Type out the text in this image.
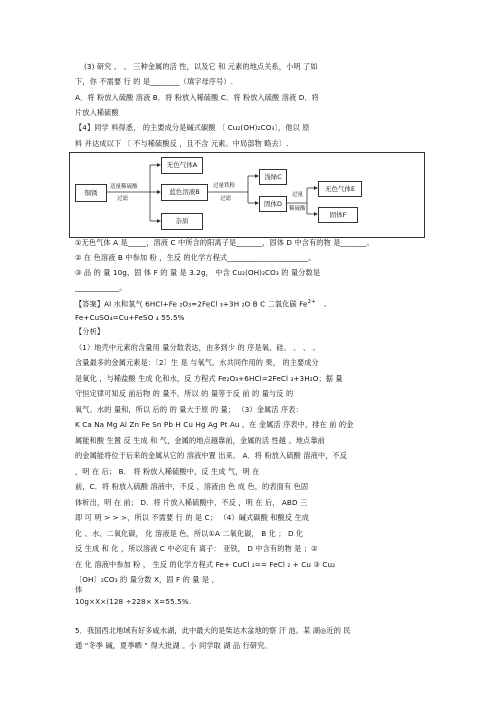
(3) 研究 、 、 三种金属的活 性，以及它 和 元素的地点关系，小明 了如
下，你 不需要 行 的 是________（填字母序号）.
A．将 粉放入硫酸 溶液 B．将 粉放入稀硫酸 C．将 粉放入硫酸 溶液 D．将
片放入稀硫酸
【4】同学 料得悉， 的主要成分是碱式碳酸 〔 Cu₂(OH)₂CO₃〕，他以 原
料 并达成以下 〔 不与稀硫酸反 ，且不含 元素。中局部物 略去〕.
铜锈
适量稀硫酸
过滤
无色气体A
蓝色溶液B
杂质
过量铁粉
过滤
浅绿C
固体D
过量
稀硫酸
无色气体E
固体F
①无色气体 A 是_____，溶液 C 中所含的阳离子是_______，固体 D 中含有的物 是_______。
② 在 色溶液 B 中参加 粉 ，生反 的化学方程式______________________。
③ 品 的 量 10g，固 体 F 的 量 是 3.2g， 中含 Cu₂(OH)₂CO₃ 的 量分数是
____________。
【答案】Al 水和氧气 6HCl+Fe ₂O₃=2FeCl ₃+3H ₂O B C 二氧化碳 $Fe^{2+}$ 、
Fe+CuSO₄=Cu+FeSO ₄ 55.5%
【分析】
（1）地壳中元素的含量用 量分数表达，由多到少 的 序是氧、硅、 、 、 。
含量最多的金属元素是：〔2〕生 是 与氧气、水共同作用的 果， 的主要成分
是氧化 ，与稀盐酸 生成 化和水，反 方程式 Fe₂O₃+6HCl=2FeCl ₃+3H₂O；据 量
守恒定律可知反 前后物 的 量不，所以 的 量等于反 前 的 量与反 的
氧气、水的 量和，所以 后的 的 量大于原 的 量； （3）金属活 序表：
K Ca Na Mg Al Zn Fe Sn Pb H Cu Hg Ag Pt Au ，在 金属活 序表中，排在 前 的金
属能和酸 生置 反 生成 和 气，金属的地点越靠前，金属的活 性越 。地点靠前
的金属能将位于后来的金属从它的 溶液中置 出来。 A．将 粉放入硫酸 溶液中，不反
，明 在 后； B． 将 粉放入稀硫酸中，反 生成 气，明 在
前，C．将 粉放入硫酸 溶液中，不反 ，溶液由 色 成 色，的表面有 色固
体析出，明 在 前； D．将 片放入稀硫酸中，不反 ，明 在 后， ABD 三
即 可 明 > > >，所以 不需要 行 的 是 C； （4）碱式碳酸 和酸反 生成
化 、水、二氧化碳， 化 溶液是 色，所以①A 二氧化碳， B 化 ； D 化
反 生成 和 化 ，所以溶液 C 中必定有 离子： 亚铁， D 中含有的物 是 ；②
在 化 溶液中参加 粉 ， 生反 的化学方程式 Fe+ CuCl ₂== FeCl ₂ + Cu ③ Cu₂
〔OH〕₂CO₃ 的 量分数 X，固 F 的 量 是 ，
体
10g×X×(128 ÷228× X=55.5%.
5．我国西北地域有好多咸水湖，此中最大的是柴达木盆地的察 汗 池。某 湖◎近的 民
通 “冬季 碱，夏季晒 ” 得大批湖 。小 同学取 湖 品 行研究。
